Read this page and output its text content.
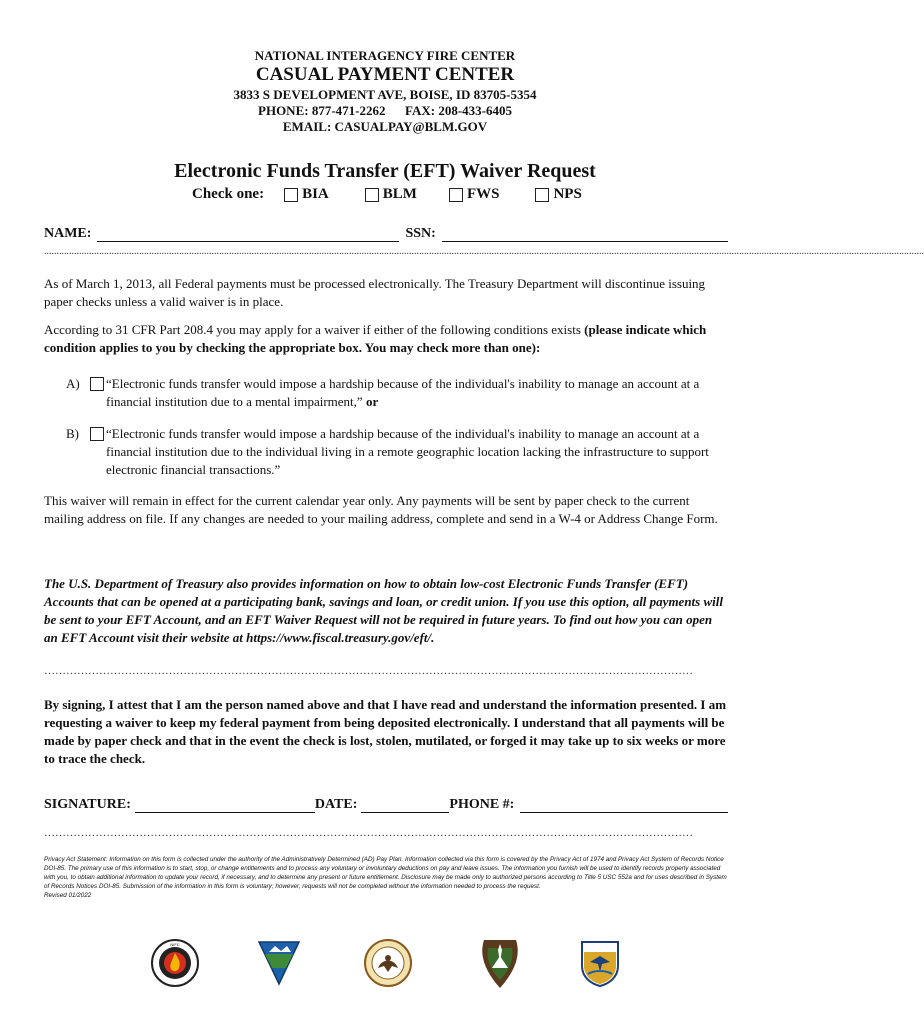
NATIONAL INTERAGENCY FIRE CENTER
CASUAL PAYMENT CENTER
3833 S DEVELOPMENT AVE, BOISE, ID 83705-5354
PHONE: 877-471-2262 FAX: 208-433-6405
EMAIL: CASUALPAY@BLM.GOV
Electronic Funds Transfer (EFT) Waiver Request
Check one:	BIA	BLM	FWS	NPS
NAME:	SSN:
................................................................................................................................................................................................................................................................................................................................................................
As of March 1, 2013, all Federal payments must be processed electronically. The Treasury Department will discontinue issuing paper checks unless a valid waiver is in place.
According to 31 CFR Part 208.4 you may apply for a waiver if either of the following conditions exists (please indicate which condition applies to you by checking the appropriate box. You may check more than one):
A)	“Electronic funds transfer would impose a hardship because of the individual's inability to manage an account at a financial institution due to a mental impairment,” or
B)	“Electronic funds transfer would impose a hardship because of the individual's inability to manage an account at a financial institution due to the individual living in a remote geographic location lacking the infrastructure to support electronic financial transactions.”
This waiver will remain in effect for the current calendar year only. Any payments will be sent by paper check to the current mailing address on file. If any changes are needed to your mailing address, complete and send in a W-4 or Address Change Form.
The U.S. Department of Treasury also provides information on how to obtain low-cost Electronic Funds Transfer (EFT) Accounts that can be opened at a participating bank, savings and loan, or credit union. If you use this option, all payments will be sent to your EFT Account, and an EFT Waiver Request will not be required in future years. To find out how you can open an EFT Account visit their website at https://www.fiscal.treasury.gov/eft/.
……………………………………………………………………………………………………………………………………………………………
By signing, I attest that I am the person named above and that I have read and understand the information presented. I am requesting a waiver to keep my federal payment from being deposited electronically. I understand that all payments will be made by paper check and that in the event the check is lost, stolen, mutilated, or forged it may take up to six weeks or more to trace the check.
SIGNATURE:	DATE:	PHONE #:
……………………………………………………………………………………………………………………………………………………………
Privacy Act Statement: Information on this form is collected under the authority of the Administratively Determined (AD) Pay Plan. Information collected via this form is covered by the Privacy Act of 1974 and Privacy Act System of Records Notice DOI-85. The primary use of this information is to start, stop, or change entitlements and to process any voluntary or involuntary deductions on pay and leave issues. The information you furnish will be used to identify records properly associated with you, to obtain additional information to update your record, if necessary, and to determine any present or future entitlement. Disclosure may be made only to authorized persons according to Title 5 USC 552a and for uses described in System of Records Notices DOI-85. Submission of the information in this form is voluntary; however, requests will not be completed without the information needed to process the request.
Revised 01/2022
NIFC
